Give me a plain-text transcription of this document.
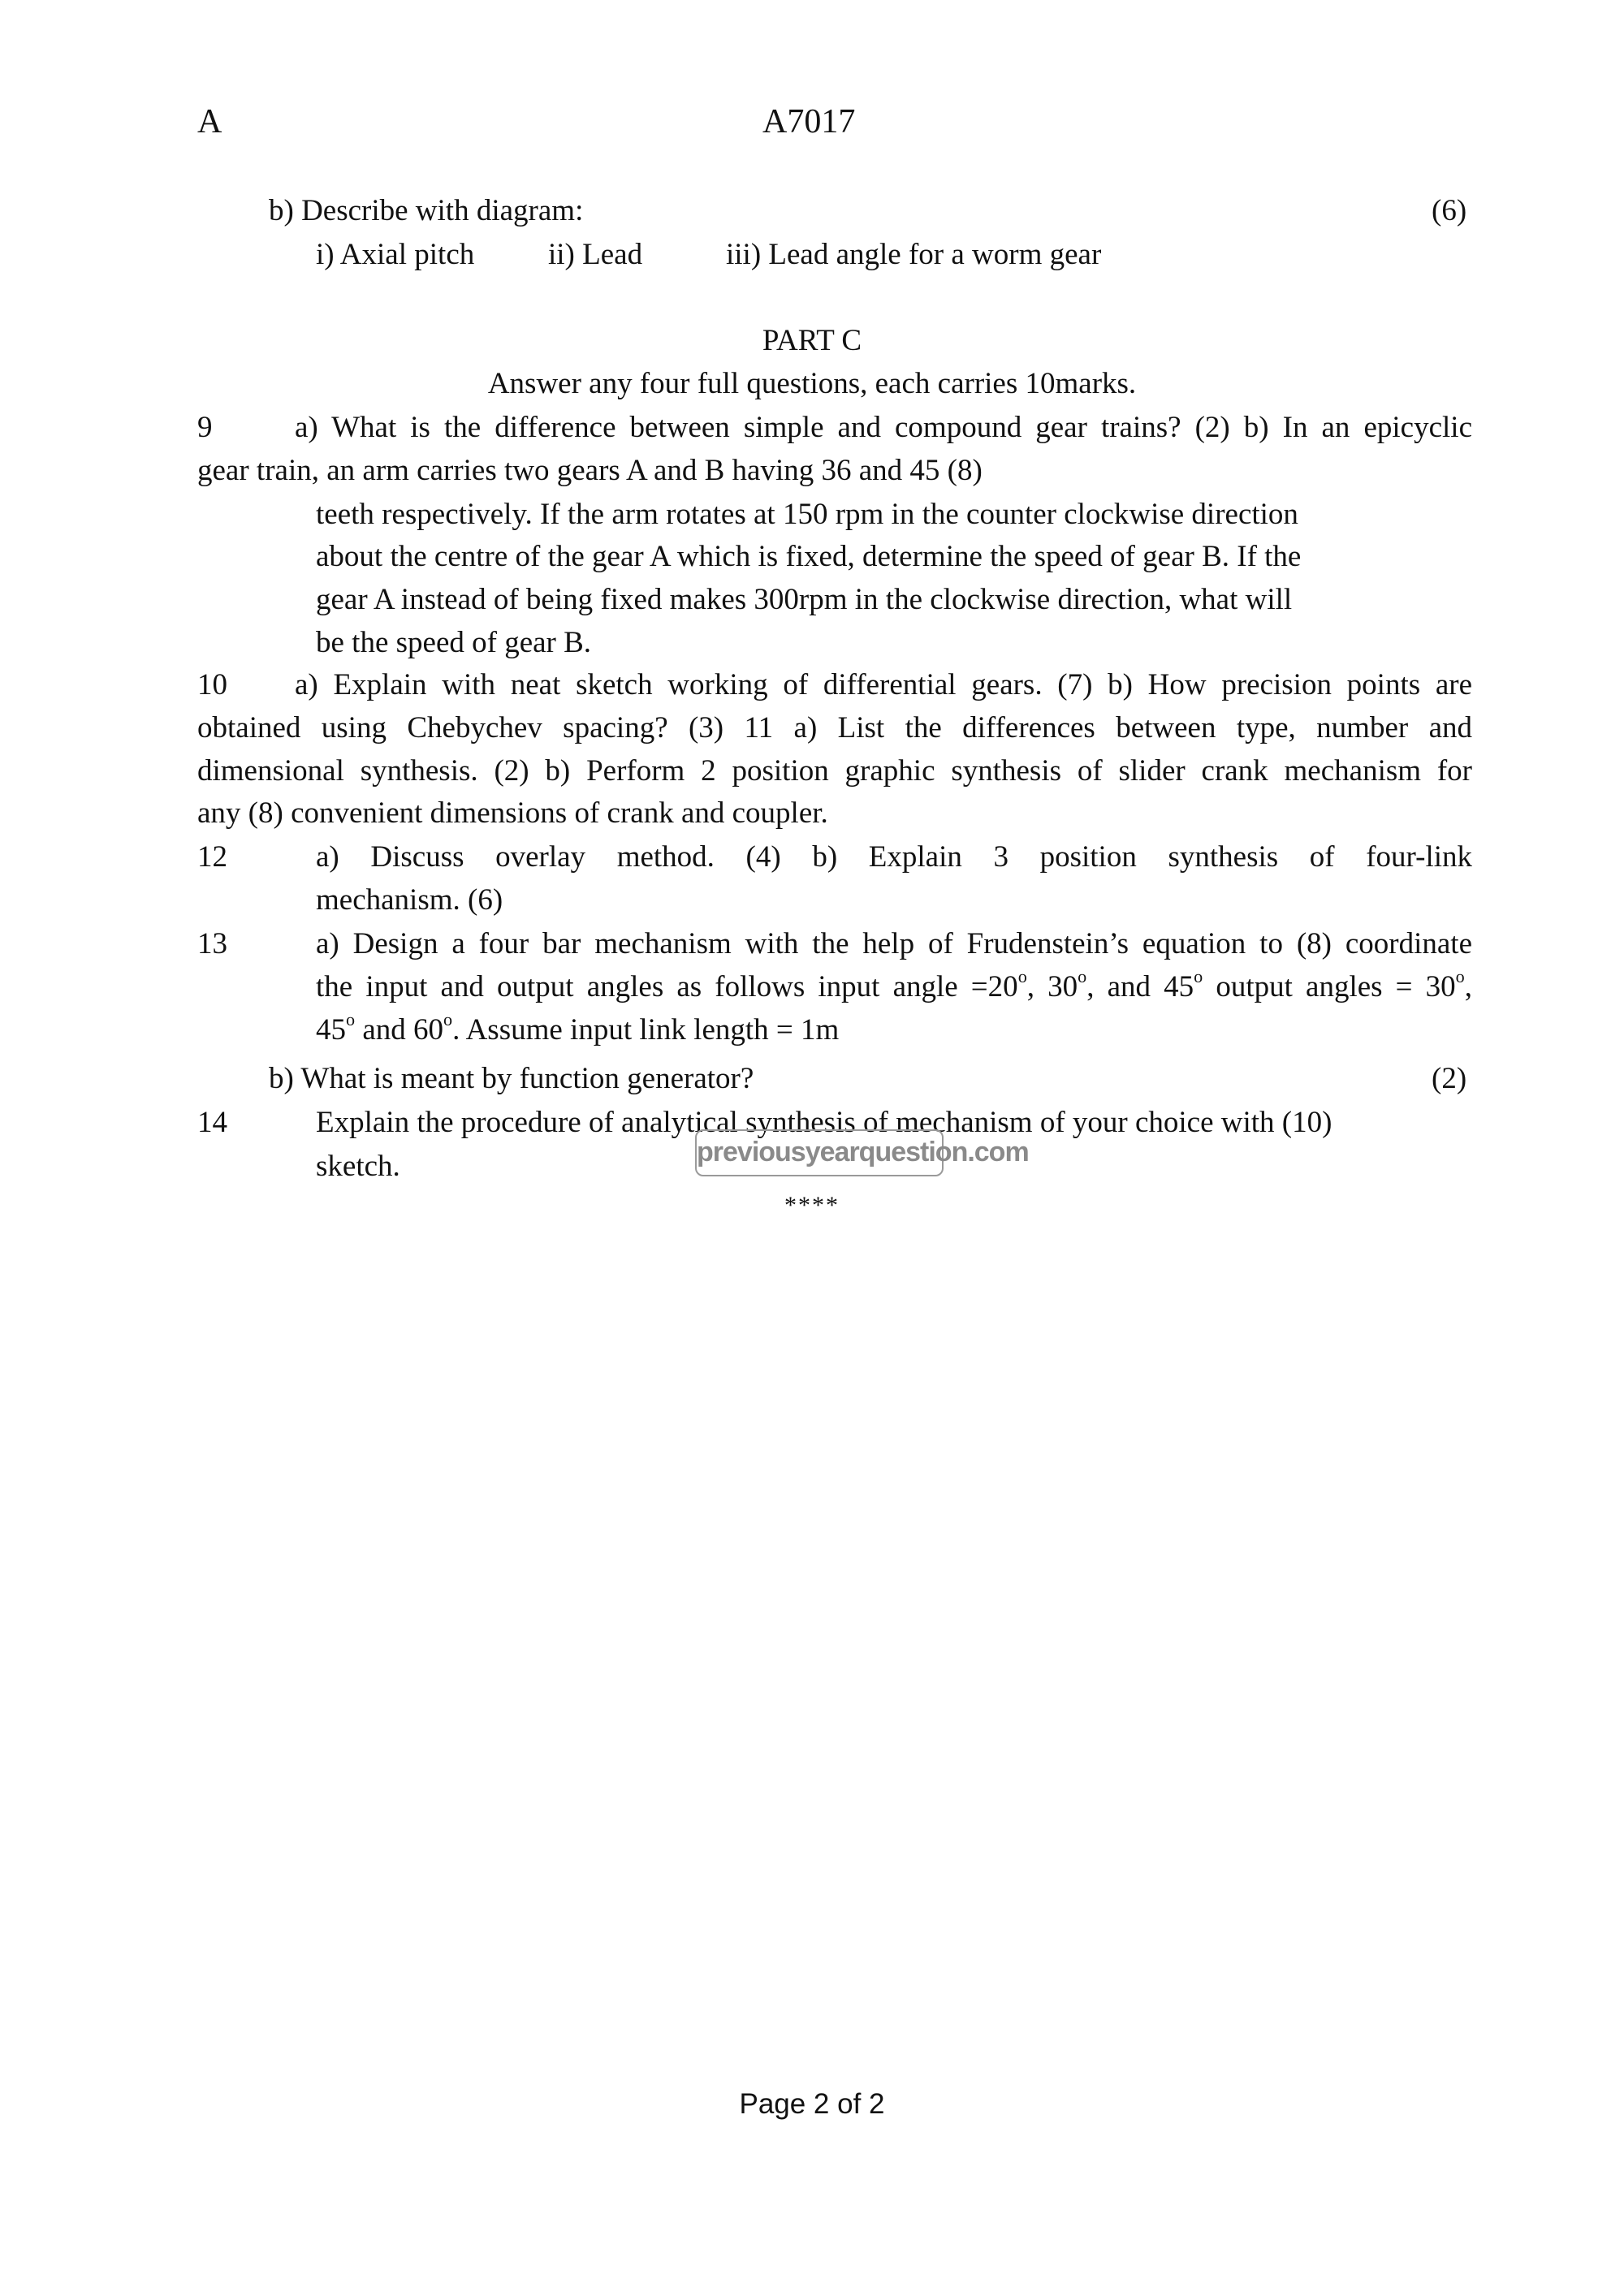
A	A7017
b) Describe with diagram:	(6)
i) Axial pitch ii) Lead	iii) Lead angle for a worm gear
PART C
Answer any four full questions, each carries 10marks.
9	a) What is the difference between simple and compound gear trains? (2) b) In an epicyclic
gear train, an arm carries two gears A and B having 36 and 45 (8)
teeth respectively. If the arm rotates at 150 rpm in the counter clockwise direction
about the centre of the gear A which is fixed, determine the speed of gear B. If the
gear A instead of being fixed makes 300rpm in the clockwise direction, what will
be the speed of gear B.
10 a) Explain with neat sketch working of differential gears. (7) b) How precision points are
obtained using Chebychev spacing? (3) 11 a) List the differences between type, number and
dimensional synthesis. (2) b) Perform 2 position graphic synthesis of slider crank mechanism for
any (8) convenient dimensions of crank and coupler.
12	a) Discuss overlay method. (4) b) Explain 3 position synthesis of four-link
mechanism. (6)
13	a) Design a four bar mechanism with the help of Frudenstein’s equation to (8) coordinate
the input and output angles as follows input angle $=20^o$, 30$^o$, and 45$^o$ output angles = $30^o$,
45$^o$ and 60$^o$. Assume input link length = 1m
b) What is meant by function generator?	(2)
14	Explain the procedure of analytical synthesis of mechanism of your choice with (10)
sketch.	previousyearquestion.com
****
Page 2 of 2
